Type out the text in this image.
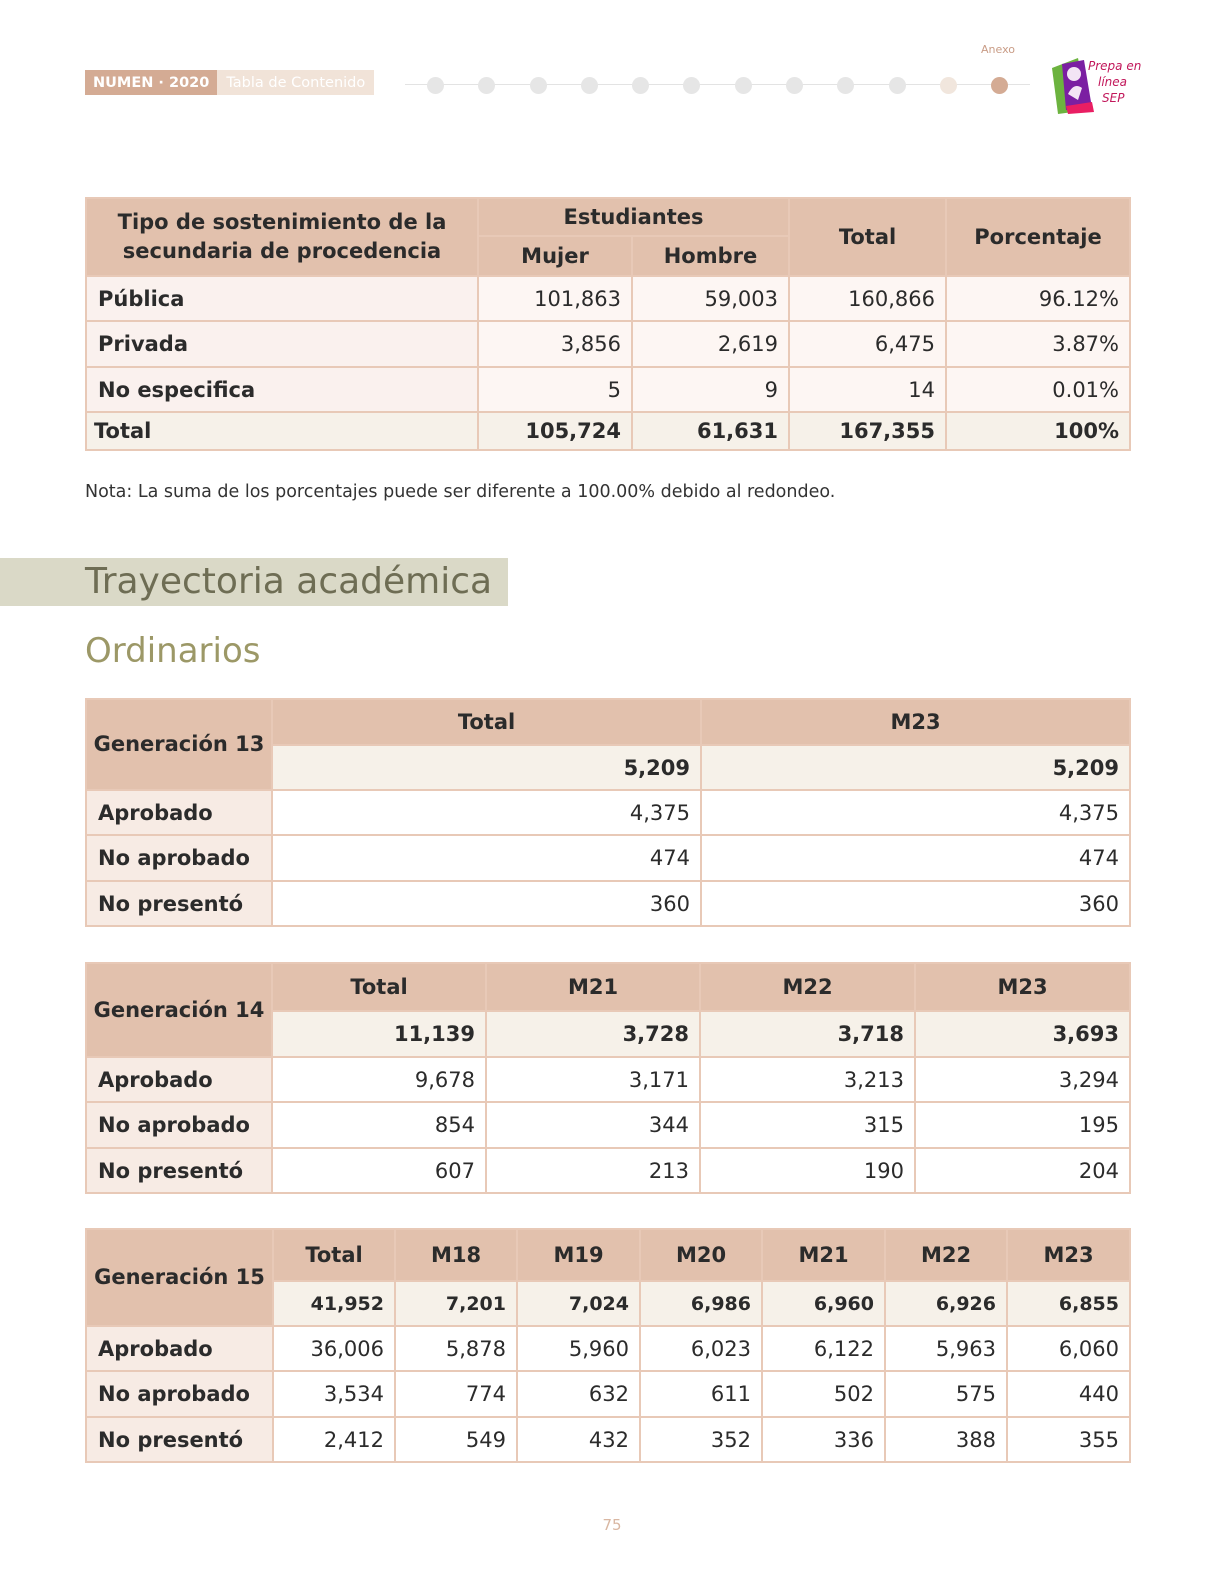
NUMEN · 2020	Tabla de Contenido
Anexo
Prepa en
línea
SEP
Tipo de sostenimiento de la secundaria de procedencia	Estudiantes		Total	Porcentaje
	Mujer	Hombre		
Pública	101,863	59,003	160,866	96.12%
Privada	3,856	2,619	6,475	3.87%
No especifica	5	9	14	0.01%
Total	105,724	61,631	167,355	100%
Nota: La suma de los porcentajes puede ser diferente a 100.00% debido al redondeo.
Trayectoria académica
Ordinarios
Generación 13	Total	M23
	5,209	5,209
Aprobado	4,375	4,375
No aprobado	474	474
No presentó	360	360
Generación 14	Total	M21	M22	M23
	11,139	3,728	3,718	3,693
Aprobado	9,678	3,171	3,213	3,294
No aprobado	854	344	315	195
No presentó	607	213	190	204
Generación 15	Total	M18	M19	M20	M21	M22	M23
	41,952	7,201	7,024	6,986	6,960	6,926	6,855
Aprobado	36,006	5,878	5,960	6,023	6,122	5,963	6,060
No aprobado	3,534	774	632	611	502	575	440
No presentó	2,412	549	432	352	336	388	355
75
